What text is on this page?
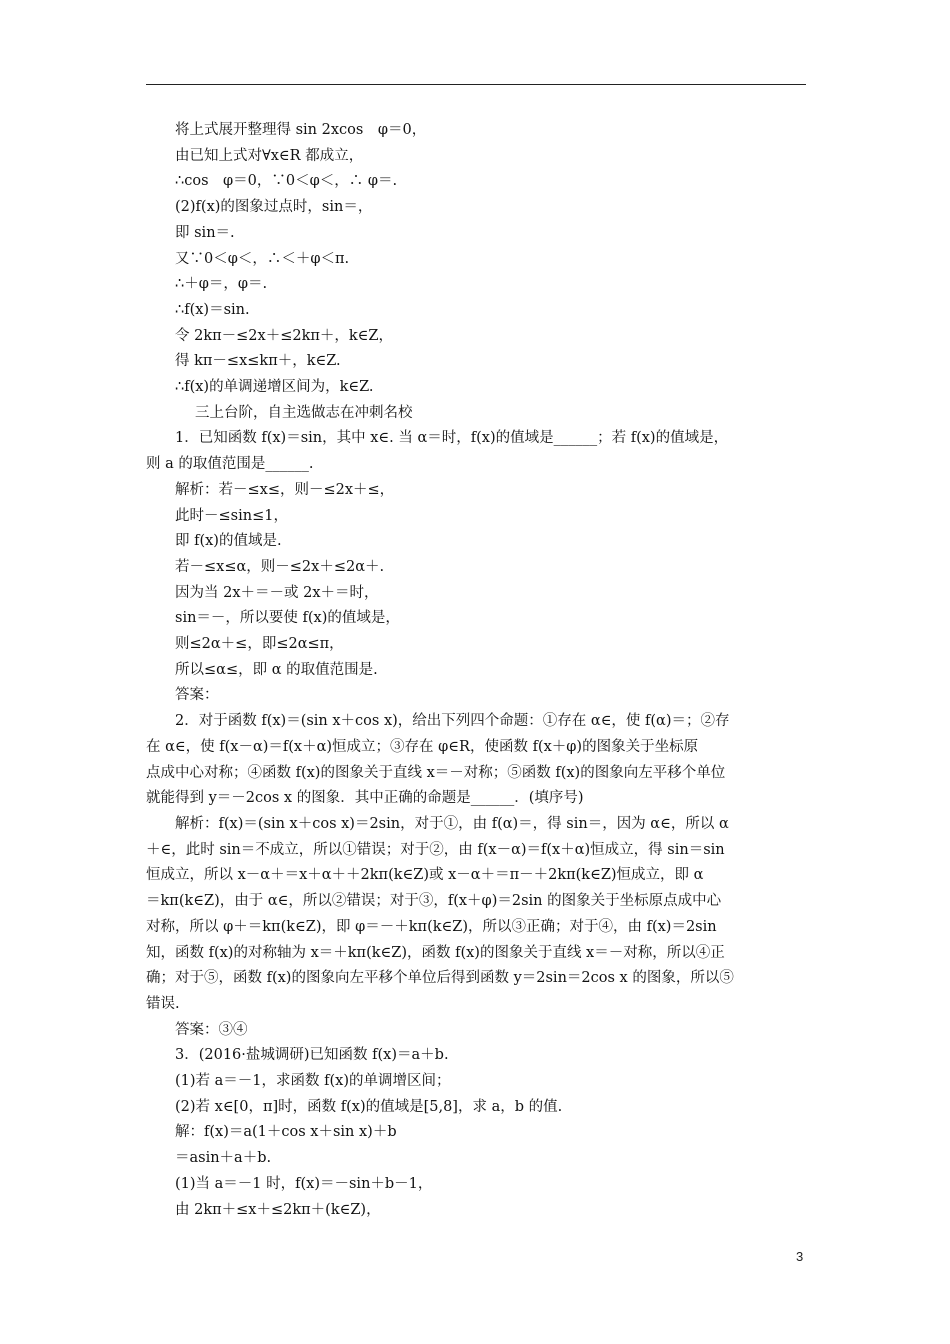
将上式展开整理得 sin 2xcos　φ＝0，
由已知上式对∀x∈R 都成立，
∴cos　φ＝0，∵0＜φ＜，∴ φ＝.
(2)f(x)的图象过点时，sin＝，
即 sin＝.
又∵0＜φ＜，∴＜＋φ＜π.
∴＋φ＝，φ＝.
∴f(x)＝sin.
令 2kπ－≤2x＋≤2kπ＋，k∈Z，
得 kπ－≤x≤kπ＋，k∈Z.
∴f(x)的单调递增区间为，k∈Z.
三上台阶，自主选做志在冲刺名校
1．已知函数 f(x)＝sin，其中 x∈. 当 α＝时，f(x)的值域是______；若 f(x)的值域是，
则 a 的取值范围是______.
解析：若－≤x≤，则－≤2x＋≤，
此时－≤sin≤1，
即 f(x)的值域是.
若－≤x≤α，则－≤2x＋≤2α＋.
因为当 2x＋＝－或 2x＋＝时，
sin＝－，所以要使 f(x)的值域是，
则≤2α＋≤，即≤2α≤π，
所以≤α≤，即 α 的取值范围是.
答案：
2．对于函数 f(x)＝(sin x＋cos x)，给出下列四个命题：①存在 α∈，使 f(α)＝；②存
在 α∈，使 f(x－α)＝f(x＋α)恒成立；③存在 φ∈R，使函数 f(x＋φ)的图象关于坐标原
点成中心对称；④函数 f(x)的图象关于直线 x＝－对称；⑤函数 f(x)的图象向左平移个单位
就能得到 y＝－2cos x 的图象．其中正确的命题是______．(填序号)
解析：f(x)＝(sin x＋cos x)＝2sin，对于①，由 f(α)＝，得 sin＝，因为 α∈，所以 α
＋∈，此时 sin＝不成立，所以①错误；对于②，由 f(x－α)＝f(x＋α)恒成立，得 sin＝sin
恒成立，所以 x－α＋＝x＋α＋＋2kπ(k∈Z)或 x－α＋＝π－＋2kπ(k∈Z)恒成立，即 α
＝kπ(k∈Z)，由于 α∈，所以②错误；对于③，f(x＋φ)＝2sin 的图象关于坐标原点成中心
对称，所以 φ＋＝kπ(k∈Z)，即 φ＝－＋kπ(k∈Z)，所以③正确；对于④，由 f(x)＝2sin
知，函数 f(x)的对称轴为 x＝＋kπ(k∈Z)，函数 f(x)的图象关于直线 x＝－对称，所以④正
确；对于⑤，函数 f(x)的图象向左平移个单位后得到函数 y＝2sin＝2cos x 的图象，所以⑤
错误.
答案：③④
3．(2016·盐城调研)已知函数 f(x)＝a＋b.
(1)若 a＝－1，求函数 f(x)的单调增区间；
(2)若 x∈[0，π]时，函数 f(x)的值域是[5,8]，求 a，b 的值.
解：f(x)＝a(1＋cos x＋sin x)＋b
＝asin＋a＋b.
(1)当 a＝－1 时，f(x)＝－sin＋b－1，
由 2kπ＋≤x＋≤2kπ＋(k∈Z)，
3
